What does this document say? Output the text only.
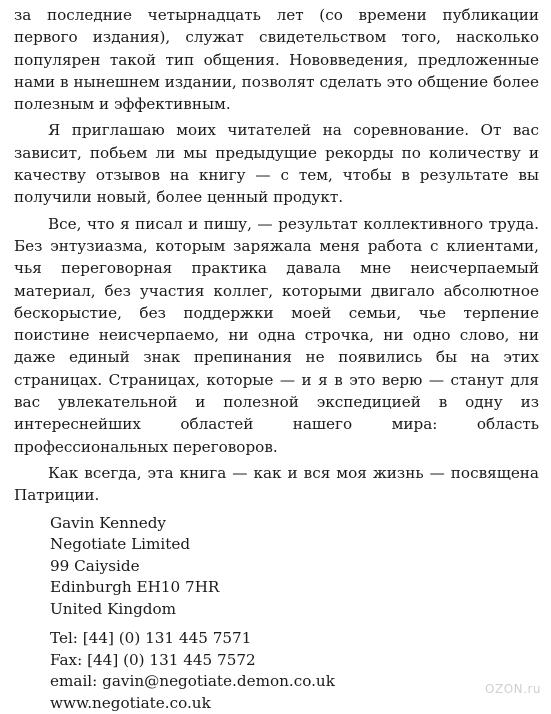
за последние четырнадцать лет (со времени публикации первого издания), служат свидетельством того, насколько популярен такой тип общения. Нововведения, предложенные нами в нынешнем издании, позволят сделать это общение более полезным и эффективным.

Я приглашаю моих читателей на соревнование. От вас зависит, побьем ли мы предыдущие рекорды по количеству и качеству отзывов на книгу — с тем, чтобы в результате вы получили новый, более ценный продукт.

Все, что я писал и пишу, — результат коллективного труда. Без энтузиазма, которым заряжала меня работа с клиентами, чья переговорная практика давала мне неисчерпаемый материал, без участия коллег, которыми двигало абсолютное бескорыстие, без поддержки моей семьи, чье терпение поистине неисчерпаемо, ни одна строчка, ни одно слово, ни даже единый знак препинания не появились бы на этих страницах. Страницах, которые — и я в это верю — станут для вас увлекательной и полезной экспедицией в одну из интереснейших областей нашего мира: область профессиональных переговоров.

Как всегда, эта книга — как и вся моя жизнь — посвящена Патриции.

Gavin Kennedy
Negotiate Limited
99 Caiyside
Edinburgh EH10 7HR
United Kingdom
Tel: [44] (0) 131 445 7571
Fax: [44] (0) 131 445 7572
email: gavin@negotiate.demon.co.uk
www.negotiate.co.uk
OZON.ru
